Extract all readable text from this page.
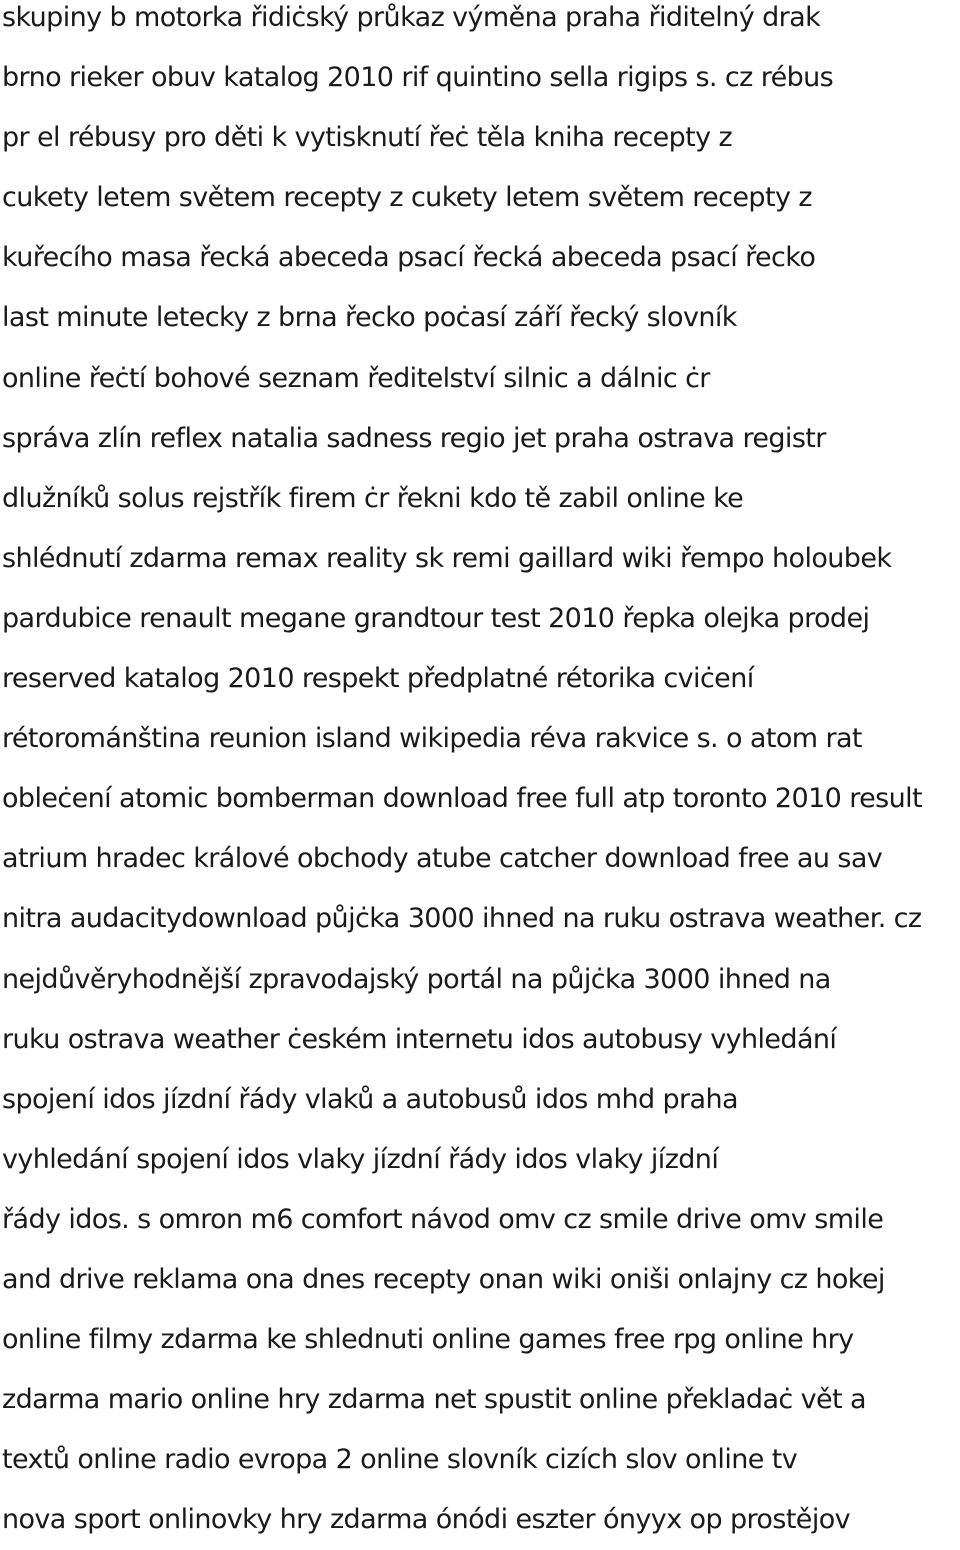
skupiny b motorka řidiċský průkaz výměna praha řiditelný drak
brno rieker obuv katalog 2010 rif quintino sella rigips s. cz rébus
pr el rébusy pro děti k vytisknutí řeċ těla kniha recepty z
cukety letem světem recepty z cukety letem světem recepty z
kuřecího masa řecká abeceda psací řecká abeceda psací řecko
last minute letecky z brna řecko poċasí září řecký slovník
online řeċtí bohové seznam ředitelství silnic a dálnic ċr
správa zlín reflex natalia sadness regio jet praha ostrava registr
dlužníků solus rejstřík firem ċr řekni kdo tě zabil online ke
shlédnutí zdarma remax reality sk remi gaillard wiki řempo holoubek
pardubice renault megane grandtour test 2010 řepka olejka prodej
reserved katalog 2010 respekt předplatné rétorika cviċení
rétorománština reunion island wikipedia réva rakvice s. o atom rat
obleċení atomic bomberman download free full atp toronto 2010 result
atrium hradec králové obchody atube catcher download free au sav
nitra audacitydownload půjċka 3000 ihned na ruku ostrava weather. cz
nejdůvěryhodnější zpravodajský portál na půjċka 3000 ihned na
ruku ostrava weather ċeském internetu idos autobusy vyhledání
spojení idos jízdní řády vlaků a autobusů idos mhd praha
vyhledání spojení idos vlaky jízdní řády idos vlaky jízdní
řády idos. s omron m6 comfort návod omv cz smile drive omv smile
and drive reklama ona dnes recepty onan wiki oniši onlajny cz hokej
online filmy zdarma ke shlednuti online games free rpg online hry
zdarma mario online hry zdarma net spustit online překladaċ vět a
textů online radio evropa 2 online slovník cizích slov online tv
nova sport onlinovky hry zdarma ónódi eszter ónyyx op prostějov
